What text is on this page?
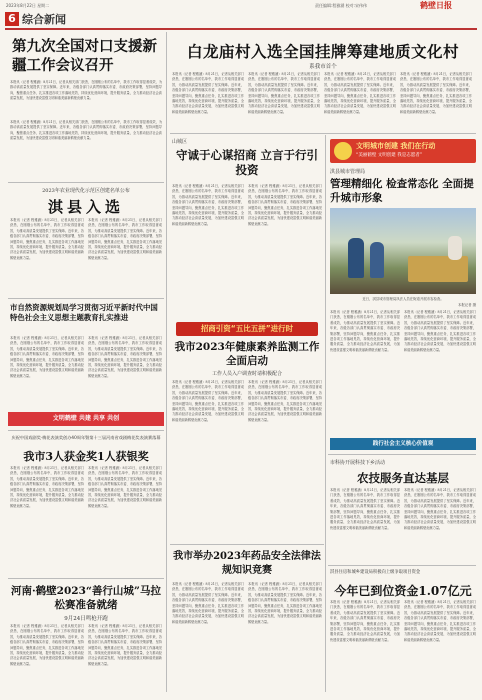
2023年8月22日 星期二	责任编辑:程雅涵 校对:宋伟伟	鹤壁日报
6 综合新闻
第九次全国对口支援新疆工作会议召开
本报讯（记者 程雅涵）8月21日，记者从相关部门获悉，在刚刚公布的名单中，我市工作取得显著成效，为推动高质量发展提供了坚实保障。近年来，各级各部门认真贯彻落实市委、市政府决策部署，坚持问题导向，聚焦重点任务，扎实推进各项工作落地见效，持续优化营商环境，提升服务质量，全力推动经济社会高质量发展，为加快建设富强文明和谐美丽新鹤壁贡献力量。
本报讯（记者 程雅涵）8月21日，记者从相关部门获悉，在刚刚公布的名单中，我市工作取得显著成效，为推动高质量发展提供了坚实保障。近年来，各级各部门认真贯彻落实市委、市政府决策部署，坚持问题导向，聚焦重点任务，扎实推进各项工作落地见效，持续优化营商环境，提升服务质量，全力推动经济社会高质量发展，为加快建设富强文明和谐美丽新鹤壁贡献力量。
2023年农业现代化示范区创建名单公布
淇县入选
本报讯（记者 程雅涵）8月21日，记者从相关部门获悉，在刚刚公布的名单中，我市工作取得显著成效，为推动高质量发展提供了坚实保障。近年来，各级各部门认真贯彻落实市委、市政府决策部署，坚持问题导向，聚焦重点任务，扎实推进各项工作落地见效，持续优化营商环境，提升服务质量，全力推动经济社会高质量发展，为加快建设富强文明和谐美丽新鹤壁贡献力量。
本报讯（记者 程雅涵）8月21日，记者从相关部门获悉，在刚刚公布的名单中，我市工作取得显著成效，为推动高质量发展提供了坚实保障。近年来，各级各部门认真贯彻落实市委、市政府决策部署，坚持问题导向，聚焦重点任务，扎实推进各项工作落地见效，持续优化营商环境，提升服务质量，全力推动经济社会高质量发展，为加快建设富强文明和谐美丽新鹤壁贡献力量。
市自然资源规划局学习贯彻习近平新时代中国特色社会主义思想主题教育扎实推进
本报讯（记者 程雅涵）8月21日，记者从相关部门获悉，在刚刚公布的名单中，我市工作取得显著成效，为推动高质量发展提供了坚实保障。近年来，各级各部门认真贯彻落实市委、市政府决策部署，坚持问题导向，聚焦重点任务，扎实推进各项工作落地见效，持续优化营商环境，提升服务质量，全力推动经济社会高质量发展，为加快建设富强文明和谐美丽新鹤壁贡献力量。
本报讯（记者 程雅涵）8月21日，记者从相关部门获悉，在刚刚公布的名单中，我市工作取得显著成效，为推动高质量发展提供了坚实保障。近年来，各级各部门认真贯彻落实市委、市政府决策部署，坚持问题导向，聚焦重点任务，扎实推进各项工作落地见效，持续优化营商环境，提升服务质量，全力推动经济社会高质量发展，为加快建设富强文明和谐美丽新鹤壁贡献力量。
文明鹤壁 共建 共享 共创
庆祝中国戏剧奖·梅花表演奖创办40周年暨第十三届河南省戏剧梅花奖表演赛落幕
我市3人获金奖1人获银奖
本报讯（记者 程雅涵）8月21日，记者从相关部门获悉，在刚刚公布的名单中，我市工作取得显著成效，为推动高质量发展提供了坚实保障。近年来，各级各部门认真贯彻落实市委、市政府决策部署，坚持问题导向，聚焦重点任务，扎实推进各项工作落地见效，持续优化营商环境，提升服务质量，全力推动经济社会高质量发展，为加快建设富强文明和谐美丽新鹤壁贡献力量。
本报讯（记者 程雅涵）8月21日，记者从相关部门获悉，在刚刚公布的名单中，我市工作取得显著成效，为推动高质量发展提供了坚实保障。近年来，各级各部门认真贯彻落实市委、市政府决策部署，坚持问题导向，聚焦重点任务，扎实推进各项工作落地见效，持续优化营商环境，提升服务质量，全力推动经济社会高质量发展，为加快建设富强文明和谐美丽新鹤壁贡献力量。
河南·鹤壁2023“善行山城”马拉松赛准备就绪
9月24日鸣枪开跑
本报讯（记者 程雅涵）8月21日，记者从相关部门获悉，在刚刚公布的名单中，我市工作取得显著成效，为推动高质量发展提供了坚实保障。近年来，各级各部门认真贯彻落实市委、市政府决策部署，坚持问题导向，聚焦重点任务，扎实推进各项工作落地见效，持续优化营商环境，提升服务质量，全力推动经济社会高质量发展，为加快建设富强文明和谐美丽新鹤壁贡献力量。
本报讯（记者 程雅涵）8月21日，记者从相关部门获悉，在刚刚公布的名单中，我市工作取得显著成效，为推动高质量发展提供了坚实保障。近年来，各级各部门认真贯彻落实市委、市政府决策部署，坚持问题导向，聚焦重点任务，扎实推进各项工作落地见效，持续优化营商环境，提升服务质量，全力推动经济社会高质量发展，为加快建设富强文明和谐美丽新鹤壁贡献力量。
白龙庙村入选全国挂牌筹建地质文化村
系我市首个
本报讯（记者 程雅涵）8月21日，记者从相关部门获悉，在刚刚公布的名单中，我市工作取得显著成效，为推动高质量发展提供了坚实保障。近年来，各级各部门认真贯彻落实市委、市政府决策部署，坚持问题导向，聚焦重点任务，扎实推进各项工作落地见效，持续优化营商环境，提升服务质量，全力推动经济社会高质量发展，为加快建设富强文明和谐美丽新鹤壁贡献力量。
本报讯（记者 程雅涵）8月21日，记者从相关部门获悉，在刚刚公布的名单中，我市工作取得显著成效，为推动高质量发展提供了坚实保障。近年来，各级各部门认真贯彻落实市委、市政府决策部署，坚持问题导向，聚焦重点任务，扎实推进各项工作落地见效，持续优化营商环境，提升服务质量，全力推动经济社会高质量发展，为加快建设富强文明和谐美丽新鹤壁贡献力量。
本报讯（记者 程雅涵）8月21日，记者从相关部门获悉，在刚刚公布的名单中，我市工作取得显著成效，为推动高质量发展提供了坚实保障。近年来，各级各部门认真贯彻落实市委、市政府决策部署，坚持问题导向，聚焦重点任务，扎实推进各项工作落地见效，持续优化营商环境，提升服务质量，全力推动经济社会高质量发展，为加快建设富强文明和谐美丽新鹤壁贡献力量。
本报讯（记者 程雅涵）8月21日，记者从相关部门获悉，在刚刚公布的名单中，我市工作取得显著成效，为推动高质量发展提供了坚实保障。近年来，各级各部门认真贯彻落实市委、市政府决策部署，坚持问题导向，聚焦重点任务，扎实推进各项工作落地见效，持续优化营商环境，提升服务质量，全力推动经济社会高质量发展，为加快建设富强文明和谐美丽新鹤壁贡献力量。
山城区
守诚于心谋招商 立言于行引投资
本报讯（记者 程雅涵）8月21日，记者从相关部门获悉，在刚刚公布的名单中，我市工作取得显著成效，为推动高质量发展提供了坚实保障。近年来，各级各部门认真贯彻落实市委、市政府决策部署，坚持问题导向，聚焦重点任务，扎实推进各项工作落地见效，持续优化营商环境，提升服务质量，全力推动经济社会高质量发展，为加快建设富强文明和谐美丽新鹤壁贡献力量。
本报讯（记者 程雅涵）8月21日，记者从相关部门获悉，在刚刚公布的名单中，我市工作取得显著成效，为推动高质量发展提供了坚实保障。近年来，各级各部门认真贯彻落实市委、市政府决策部署，坚持问题导向，聚焦重点任务，扎实推进各项工作落地见效，持续优化营商环境，提升服务质量，全力推动经济社会高质量发展，为加快建设富强文明和谐美丽新鹤壁贡献力量。
招商引资“五比五拼”进行时
我市2023年健康素养监测工作全面启动
工作人员入户调查时请积极配合
本报讯（记者 程雅涵）8月21日，记者从相关部门获悉，在刚刚公布的名单中，我市工作取得显著成效，为推动高质量发展提供了坚实保障。近年来，各级各部门认真贯彻落实市委、市政府决策部署，坚持问题导向，聚焦重点任务，扎实推进各项工作落地见效，持续优化营商环境，提升服务质量，全力推动经济社会高质量发展，为加快建设富强文明和谐美丽新鹤壁贡献力量。
本报讯（记者 程雅涵）8月21日，记者从相关部门获悉，在刚刚公布的名单中，我市工作取得显著成效，为推动高质量发展提供了坚实保障。近年来，各级各部门认真贯彻落实市委、市政府决策部署，坚持问题导向，聚焦重点任务，扎实推进各项工作落地见效，持续优化营商环境，提升服务质量，全力推动经济社会高质量发展，为加快建设富强文明和谐美丽新鹤壁贡献力量。
我市举办2023年药品安全法律法规知识竞赛
本报讯（记者 程雅涵）8月21日，记者从相关部门获悉，在刚刚公布的名单中，我市工作取得显著成效，为推动高质量发展提供了坚实保障。近年来，各级各部门认真贯彻落实市委、市政府决策部署，坚持问题导向，聚焦重点任务，扎实推进各项工作落地见效，持续优化营商环境，提升服务质量，全力推动经济社会高质量发展，为加快建设富强文明和谐美丽新鹤壁贡献力量。
本报讯（记者 程雅涵）8月21日，记者从相关部门获悉，在刚刚公布的名单中，我市工作取得显著成效，为推动高质量发展提供了坚实保障。近年来，各级各部门认真贯彻落实市委、市政府决策部署，坚持问题导向，聚焦重点任务，扎实推进各项工作落地见效，持续优化营商环境，提升服务质量，全力推动经济社会高质量发展，为加快建设富强文明和谐美丽新鹤壁贡献力量。
文明城市创建 我们在行动
“美丽鹤壁 文明创建 我是志愿者”
淇县城市管理局
管理精细化 检查常态化 全面提升城市形象
近日，淇县城市管理局执法人员在街道开展市容检查。
本报记者 摄
本报讯（记者 程雅涵）8月21日，记者从相关部门获悉，在刚刚公布的名单中，我市工作取得显著成效，为推动高质量发展提供了坚实保障。近年来，各级各部门认真贯彻落实市委、市政府决策部署，坚持问题导向，聚焦重点任务，扎实推进各项工作落地见效，持续优化营商环境，提升服务质量，全力推动经济社会高质量发展，为加快建设富强文明和谐美丽新鹤壁贡献力量。
本报讯（记者 程雅涵）8月21日，记者从相关部门获悉，在刚刚公布的名单中，我市工作取得显著成效，为推动高质量发展提供了坚实保障。近年来，各级各部门认真贯彻落实市委、市政府决策部署，坚持问题导向，聚焦重点任务，扎实推进各项工作落地见效，持续优化营商环境，提升服务质量，全力推动经济社会高质量发展，为加快建设富强文明和谐美丽新鹤壁贡献力量。
践行社会主义核心价值观
市科协开展科技下乡活动
农技服务直达基层
本报讯（记者 程雅涵）8月21日，记者从相关部门获悉，在刚刚公布的名单中，我市工作取得显著成效，为推动高质量发展提供了坚实保障。近年来，各级各部门认真贯彻落实市委、市政府决策部署，坚持问题导向，聚焦重点任务，扎实推进各项工作落地见效，持续优化营商环境，提升服务质量，全力推动经济社会高质量发展，为加快建设富强文明和谐美丽新鹤壁贡献力量。
本报讯（记者 程雅涵）8月21日，记者从相关部门获悉，在刚刚公布的名单中，我市工作取得显著成效，为推动高质量发展提供了坚实保障。近年来，各级各部门认真贯彻落实市委、市政府决策部署，坚持问题导向，聚焦重点任务，扎实推进各项工作落地见效，持续优化营商环境，提升服务质量，全力推动经济社会高质量发展，为加快建设富强文明和谐美丽新鹤壁贡献力量。
淇县住房和城乡建设局积极向上级争取项目资金
今年已到位资金1.07亿元
本报讯（记者 程雅涵）8月21日，记者从相关部门获悉，在刚刚公布的名单中，我市工作取得显著成效，为推动高质量发展提供了坚实保障。近年来，各级各部门认真贯彻落实市委、市政府决策部署，坚持问题导向，聚焦重点任务，扎实推进各项工作落地见效，持续优化营商环境，提升服务质量，全力推动经济社会高质量发展，为加快建设富强文明和谐美丽新鹤壁贡献力量。
本报讯（记者 程雅涵）8月21日，记者从相关部门获悉，在刚刚公布的名单中，我市工作取得显著成效，为推动高质量发展提供了坚实保障。近年来，各级各部门认真贯彻落实市委、市政府决策部署，坚持问题导向，聚焦重点任务，扎实推进各项工作落地见效，持续优化营商环境，提升服务质量，全力推动经济社会高质量发展，为加快建设富强文明和谐美丽新鹤壁贡献力量。
